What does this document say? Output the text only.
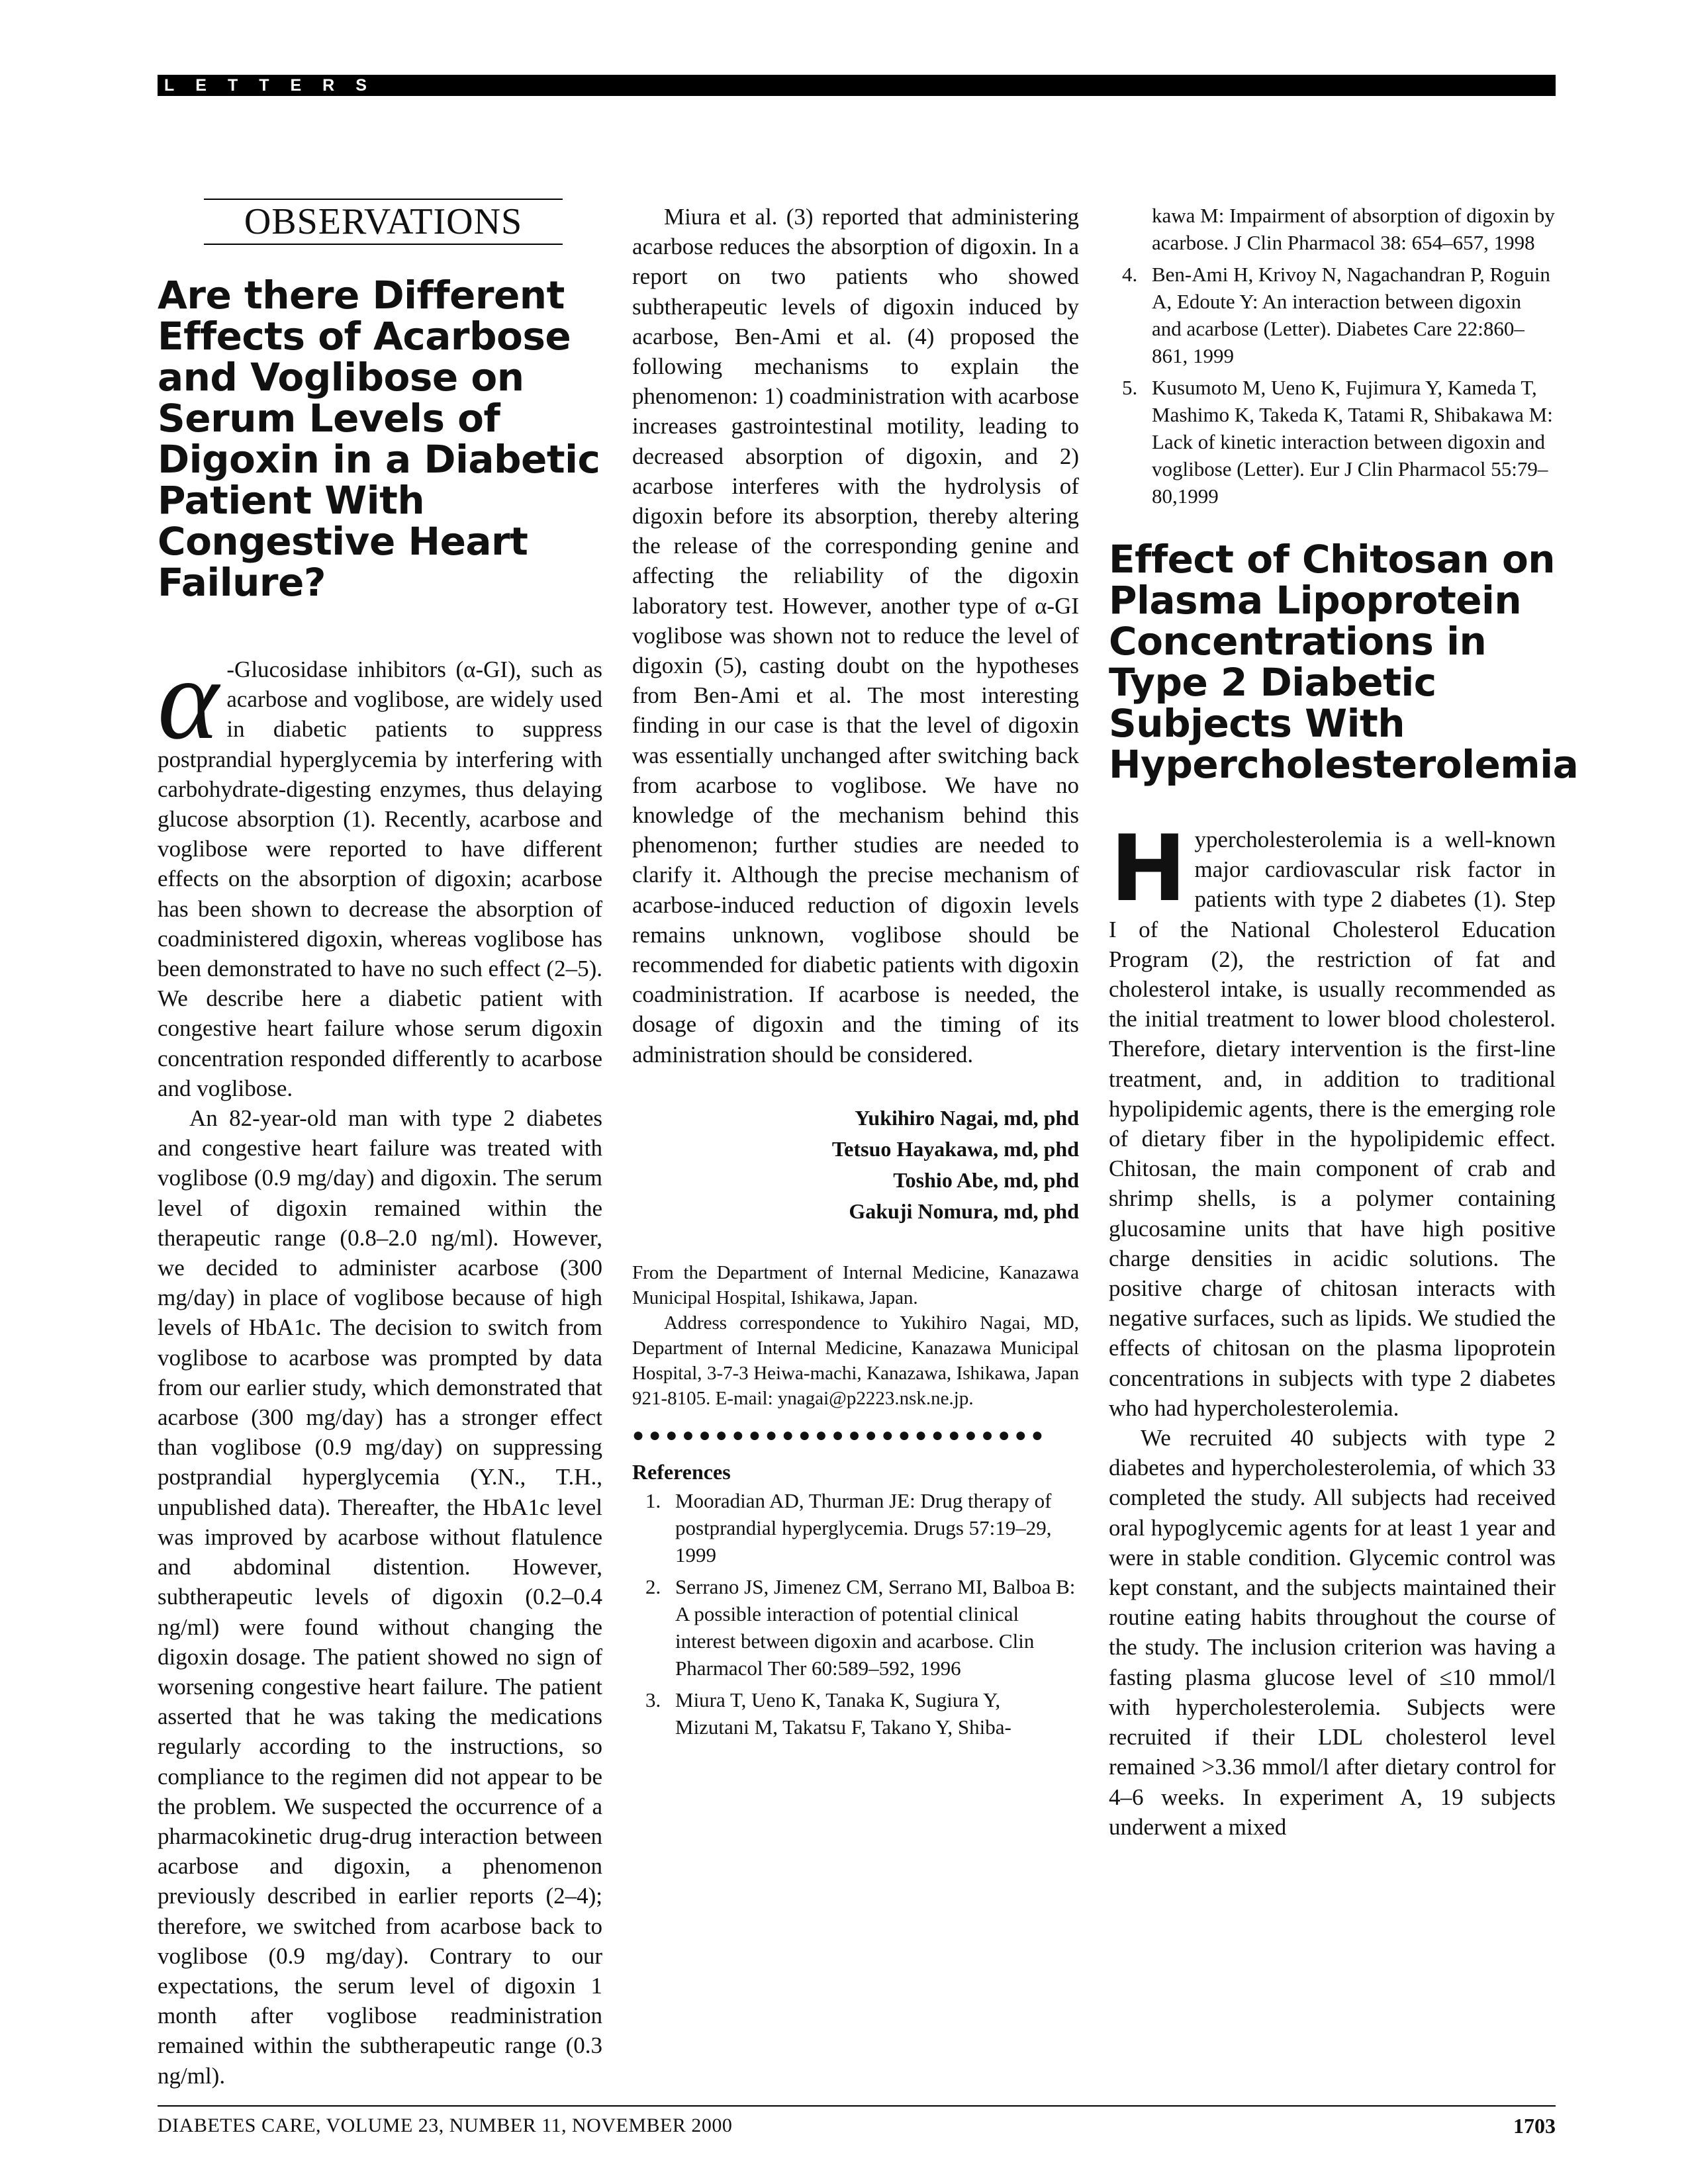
LETTERS
OBSERVATIONS
Are there Different Effects of Acarbose and Voglibose on Serum Levels of Digoxin in a Diabetic Patient With Congestive Heart Failure?

α -Glucosidase inhibitors (α-GI), such as acarbose and voglibose, are widely used in diabetic patients to suppress postprandial hyperglycemia by interfering with carbohydrate-digesting enzymes, thus delaying glucose absorption (1). Recently, acarbose and voglibose were reported to have different effects on the absorption of digoxin; acarbose has been shown to decrease the absorption of coadministered digoxin, whereas voglibose has been demonstrated to have no such effect (2–5). We describe here a diabetic patient with congestive heart failure whose serum digoxin concentration responded differently to acarbose and voglibose.

An 82-year-old man with type 2 diabetes and congestive heart failure was treated with voglibose (0.9 mg/day) and digoxin. The serum level of digoxin remained within the therapeutic range (0.8–2.0 ng/ml). However, we decided to administer acarbose (300 mg/day) in place of voglibose because of high levels of HbA1c. The decision to switch from voglibose to acarbose was prompted by data from our earlier study, which demonstrated that acarbose (300 mg/day) has a stronger effect than voglibose (0.9 mg/day) on suppressing postprandial hyperglycemia (Y.N., T.H., unpublished data). Thereafter, the HbA1c level was improved by acarbose without flatulence and abdominal distention. However, subtherapeutic levels of digoxin (0.2–0.4 ng/ml) were found without changing the digoxin dosage. The patient showed no sign of worsening congestive heart failure. The patient asserted that he was taking the medications regularly according to the instructions, so compliance to the regimen did not appear to be the problem. We suspected the occurrence of a pharmacokinetic drug-drug interaction between acarbose and digoxin, a phenomenon previously described in earlier reports (2–4); therefore, we switched from acarbose back to voglibose (0.9 mg/day). Contrary to our expectations, the serum level of digoxin 1 month after voglibose readministration remained within the subtherapeutic range (0.3 ng/ml).

Miura et al. (3) reported that administering acarbose reduces the absorption of digoxin. In a report on two patients who showed subtherapeutic levels of digoxin induced by acarbose, Ben-Ami et al. (4) proposed the following mechanisms to explain the phenomenon: 1) coadministration with acarbose increases gastrointestinal motility, leading to decreased absorption of digoxin, and 2) acarbose interferes with the hydrolysis of digoxin before its absorption, thereby altering the release of the corresponding genine and affecting the reliability of the digoxin laboratory test. However, another type of α-GI voglibose was shown not to reduce the level of digoxin (5), casting doubt on the hypotheses from Ben-Ami et al. The most interesting finding in our case is that the level of digoxin was essentially unchanged after switching back from acarbose to voglibose. We have no knowledge of the mechanism behind this phenomenon; further studies are needed to clarify it. Although the precise mechanism of acarbose-induced reduction of digoxin levels remains unknown, voglibose should be recommended for diabetic patients with digoxin coadministration. If acarbose is needed, the dosage of digoxin and the timing of its administration should be considered.

Yukihiro Nagai, md, phd
Tetsuo Hayakawa, md, phd
Toshio Abe, md, phd
Gakuji Nomura, md, phd

From the Department of Internal Medicine, Kanazawa Municipal Hospital, Ishikawa, Japan.

Address correspondence to Yukihiro Nagai, MD, Department of Internal Medicine, Kanazawa Municipal Hospital, 3-7-3 Heiwa-machi, Kanazawa, Ishikawa, Japan 921-8105. E-mail: ynagai@p2223.nsk.ne.jp.

●●●●●●●●●●●●●●●●●●●●●●●●●
References
1. Mooradian AD, Thurman JE: Drug therapy of postprandial hyperglycemia. Drugs 57:19–29, 1999
2. Serrano JS, Jimenez CM, Serrano MI, Balboa B: A possible interaction of potential clinical interest between digoxin and acarbose. Clin Pharmacol Ther 60:589–592, 1996
3. Miura T, Ueno K, Tanaka K, Sugiura Y, Mizutani M, Takatsu F, Takano Y, Shiba-
kawa M: Impairment of absorption of digoxin by acarbose. J Clin Pharmacol 38: 654–657, 1998
4. Ben-Ami H, Krivoy N, Nagachandran P, Roguin A, Edoute Y: An interaction between digoxin and acarbose (Letter). Diabetes Care 22:860–861, 1999
5. Kusumoto M, Ueno K, Fujimura Y, Kameda T, Mashimo K, Takeda K, Tatami R, Shibakawa M: Lack of kinetic interaction between digoxin and voglibose (Letter). Eur J Clin Pharmacol 55:79–80,1999
Effect of Chitosan on Plasma Lipoprotein Concentrations in Type 2 Diabetic Subjects With Hypercholesterolemia

Hypercholesterolemia is a well-known major cardiovascular risk factor in patients with type 2 diabetes (1). Step I of the National Cholesterol Education Program (2), the restriction of fat and cholesterol intake, is usually recommended as the initial treatment to lower blood cholesterol. Therefore, dietary intervention is the first-line treatment, and, in addition to traditional hypolipidemic agents, there is the emerging role of dietary fiber in the hypolipidemic effect. Chitosan, the main component of crab and shrimp shells, is a polymer containing glucosamine units that have high positive charge densities in acidic solutions. The positive charge of chitosan interacts with negative surfaces, such as lipids. We studied the effects of chitosan on the plasma lipoprotein concentrations in subjects with type 2 diabetes who had hypercholesterolemia.

We recruited 40 subjects with type 2 diabetes and hypercholesterolemia, of which 33 completed the study. All subjects had received oral hypoglycemic agents for at least 1 year and were in stable condition. Glycemic control was kept constant, and the subjects maintained their routine eating habits throughout the course of the study. The inclusion criterion was having a fasting plasma glucose level of ≤10 mmol/l with hypercholesterolemia. Subjects were recruited if their LDL cholesterol level remained >3.36 mmol/l after dietary control for 4–6 weeks. In experiment A, 19 subjects underwent a mixed

DIABETES CARE, VOLUME 23, NUMBER 11, NOVEMBER 2000	1703
